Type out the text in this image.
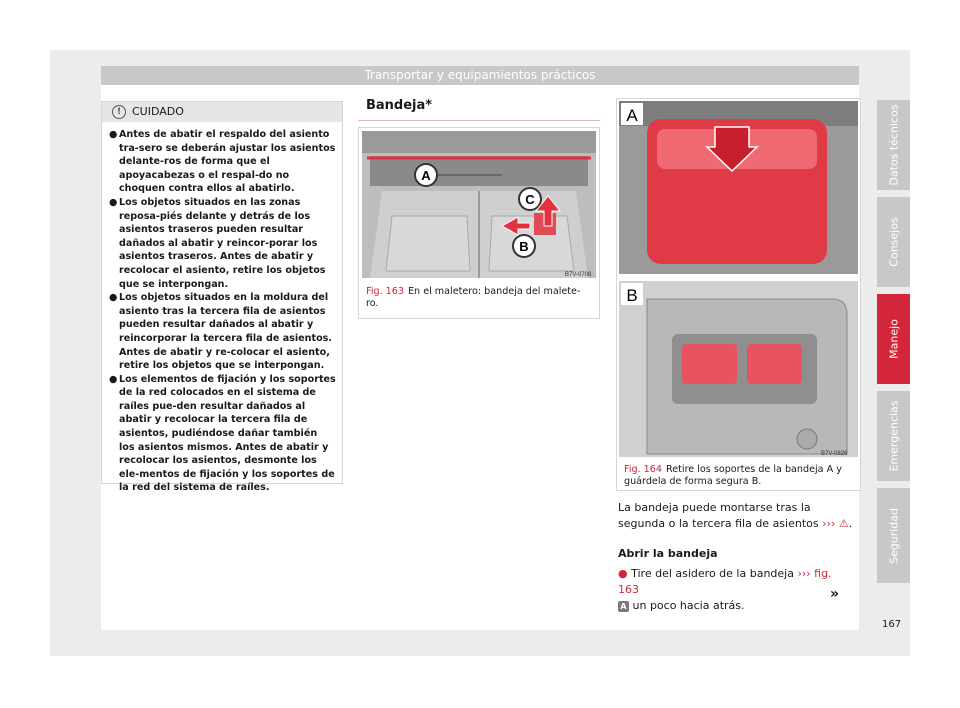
Transportar y equipamientos prácticos
! CUIDADO

● Antes de abatir el respaldo del asiento tra-sero se deberán ajustar los asientos delante-ros de forma que el apoyacabezas o el respal-do no choquen contra ellos al abatirlo.

● Los objetos situados en las zonas reposa-piés delante y detrás de los asientos traseros pueden resultar dañados al abatir y reincor-porar los asientos traseros. Antes de abatir y recolocar el asiento, retire los objetos que se interpongan.

● Los objetos situados en la moldura del asiento tras la tercera fila de asientos pueden resultar dañados al abatir y reincorporar la tercera fila de asientos. Antes de abatir y re-colocar el asiento, retire los objetos que se interpongan.

● Los elementos de fijación y los soportes de la red colocados en el sistema de raíles pue-den resultar dañados al abatir y recolocar la tercera fila de asientos, pudiéndose dañar también los asientos mismos. Antes de abatir y recolocar los asientos, desmonte los ele-mentos de fijación y los soportes de la red del sistema de raíles.

Bandeja*
A
C
B
B7V-0708
Fig. 163 En el maletero: bandeja del malete-ro.
A
B
B7V-0826
Fig. 164 Retire los soportes de la bandeja A y guárdela de forma segura B.
La bandeja puede montarse tras la segunda o la tercera fila de asientos ››› ⚠.
Abrir la bandeja
● Tire del asidero de la bandeja ››› fig. 163
A un poco hacia atrás.
Datos técnicos
Consejos
Manejo
Emergencias
Seguridad
»
167
